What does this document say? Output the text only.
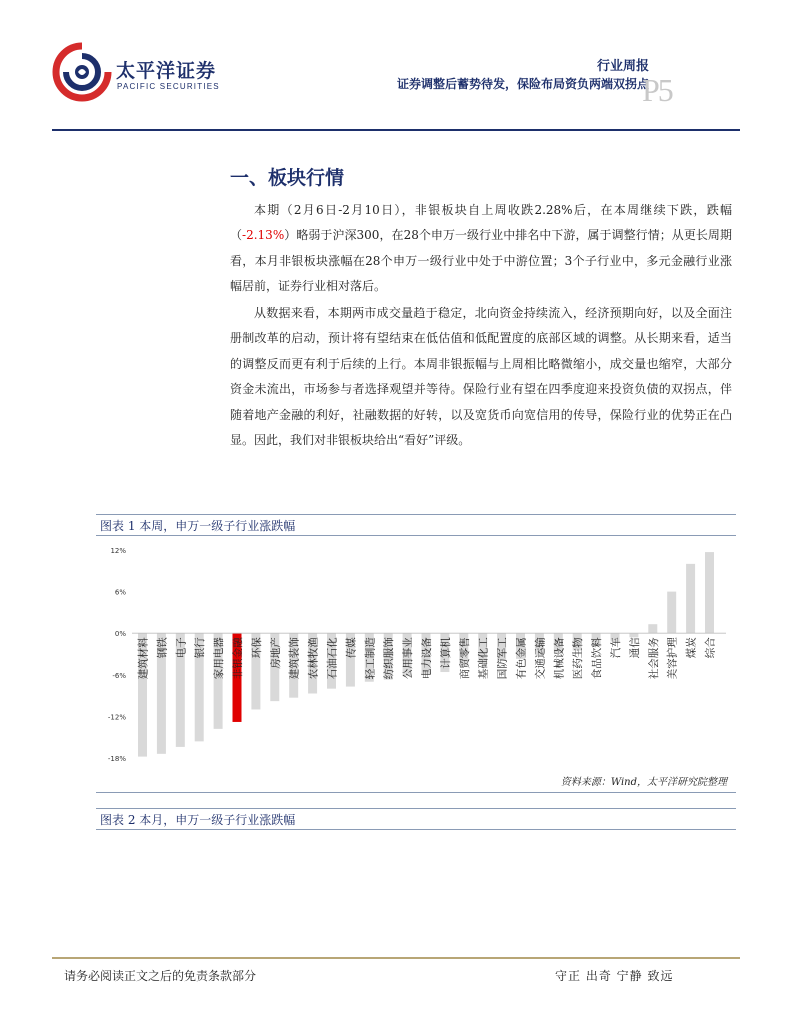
太平洋证券
PACIFIC SECURITIES
行业周报
证券调整后蓄势待发，保险布局资负两端双拐点
P5
一、板块行情
本期（2月6日-2月10日），非银板块自上周收跌2.28%后，在本周继续下跌，跌幅（-2.13%）略弱于沪深300，在28个申万一级行业中排名中下游，属于调整行情；从更长周期看，本月非银板块涨幅在28个申万一级行业中处于中游位置；3个子行业中，多元金融行业涨幅居前，证券行业相对落后。
从数据来看，本期两市成交量趋于稳定，北向资金持续流入，经济预期向好，以及全面注册制改革的启动，预计将有望结束在低估值和低配置度的底部区域的调整。从长期来看，适当的调整反而更有利于后续的上行。本周非银振幅与上周相比略微缩小，成交量也缩窄，大部分资金未流出，市场参与者选择观望并等待。保险行业有望在四季度迎来投资负债的双拐点，伴随着地产金融的利好，社融数据的好转，以及宽货币向宽信用的传导，保险行业的优势正在凸显。因此，我们对非银板块给出“看好”评级。
图表 1 本周，申万一级子行业涨跌幅
12%
6%
0%
-6%
-12%
-18%
建筑材料 钢铁 电子 银行 家用电器 非银金融 环保 房地产 建筑装饰 农林牧渔 石油石化 传媒 轻工制造 纺织服饰 公用事业 电力设备 计算机 商贸零售 基础化工 国防军工 有色金属 交通运输 机械设备 医药生物 食品饮料 汽车 通信 社会服务 美容护理 煤炭 综合
资料来源：Wind，太平洋研究院整理
图表 2 本月，申万一级子行业涨跌幅
请务必阅读正文之后的免责条款部分	守正 出奇 宁静 致远
